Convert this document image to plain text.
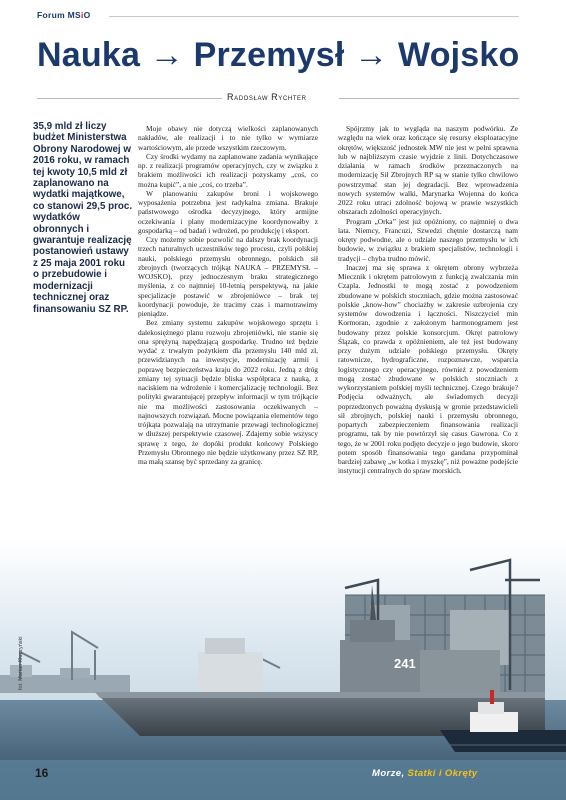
Forum MSiO
Nauka → Przemysł → Wojsko
Radosław Rychter
35,9 mld zł liczy budżet Ministerstwa Obrony Narodowej w 2016 roku, w ramach tej kwoty 10,5 mld zł zaplanowano na wydatki majątkowe, co stanowi 29,5 proc. wydatków obronnych i gwarantuje realizację postanowień ustawy z 25 maja 2001 roku o przebudowie i modernizacji technicznej oraz finansowaniu SZ RP.

Moje obawy nie dotyczą wielkości zaplanowanych nakładów, ale realizacji i to nie tylko w wymiarze wartościowym, ale przede wszystkim rzeczowym.

Czy środki wydamy na zaplanowane zadania wynikające np. z realizacji programów operacyjnych, czy w związku z brakiem możliwości ich realizacji pozyskamy „coś, co można kupić”, a nie „coś, co trzeba”.

W planowaniu zakupów broni i wojskowego wyposażenia potrzebna jest radykalna zmiana. Brakuje państwowego ośrodka decyzyjnego, który armijne oczekiwania i plany modernizacyjne koordynowałby z gospodarką – od badań i wdrożeń, po produkcję i eksport.

Czy możemy sobie pozwolić na dalszy brak koordynacji trzech naturalnych uczestników tego procesu, czyli polskiej nauki, polskiego przemysłu obronnego, polskich sił zbrojnych (tworzących trójkąt NAUKA – PRZEMYSŁ – WOJSKO), przy jednoczesnym braku strategicznego myślenia, z co najmniej 10-letnią perspektywą, na jakie specjalizacje postawić w zbrojeniówce – brak tej koordynacji powoduje, że tracimy czas i marnotrawimy pieniądze.

Bez zmiany systemu zakupów wojskowego sprzętu i dalekosiężnego planu rozwoju zbrojeniówki, nie stanie się ona sprężyną napędzającą gospodarkę. Trudno też będzie wydać z trwałym pożytkiem dla przemysłu 140 mld zł, przewidzianych na inwestycje, modernizację armii i poprawę bezpieczeństwa kraju do 2022 roku. Jedną z dróg zmiany tej sytuacji będzie bliska współpraca z nauką, z naciskiem na wdrożenie i komercjalizację technologii. Bez polityki gwarantującej przepływ informacji w tym trójkącie nie ma możliwości zastosowania oczekiwanych – najnowszych rozwiązań. Mocne powiązania elementów tego trójkąta pozwalają na utrzymanie przewagi technologicznej w dłuższej perspektywie czasowej. Zdajemy sobie wszyscy sprawę z tego, że dopóki produkt końcowy Polskiego Przemysłu Obronnego nie będzie użytkowany przez SZ RP, ma małą szansę być sprzedany za granicę.

Spójrzmy jak to wygląda na naszym podwórku. Ze względu na wiek oraz kończące się resursy eksploatacyjne okrętów, większość jednostek MW nie jest w pełni sprawna lub w najbliższym czasie wyjdzie z linii. Dotychczasowe działania w ramach środków przeznaczonych na modernizację Sił Zbrojnych RP są w stanie tylko chwilowo powstrzymać stan jej degradacji. Bez wprowadzenia nowych systemów walki, Marynarka Wojenna do końca 2022 roku utraci zdolność bojową w prawie wszystkich obszarach zdolności operacyjnych.

Program „Orka” jest już opóźniony, co najmniej o dwa lata. Niemcy, Francuzi, Szwedzi chętnie dostarczą nam okręty podwodne, ale o udziale naszego przemysłu w ich budowie, w związku z brakiem specjalistów, technologii i tradycji – chyba trudno mówić.

Inaczej ma się sprawa z okrętem obrony wybrzeża Miecznik i okrętem patrolowym z funkcją zwalczania min Czapla. Jednostki te mogą zostać z powodzeniem zbudowane w polskich stoczniach, gdzie można zastosować polskie „know-how” chociażby w zakresie uzbrojenia czy systemów dowodzenia i łączności. Niszczyciel min Kormoran, zgodnie z założonym harmonogramem jest budowany przez polskie konsorcjum. Okręt patrolowy Ślązak, co prawda z opóźnieniem, ale też jest budowany przy dużym udziale polskiego przemysłu. Okręty ratownicze, hydrograficzne, rozpoznawcze, wsparcia logistycznego czy operacyjnego, również z powodzeniem mogą zostać zbudowane w polskich stoczniach z wykorzystaniem polskiej myśli technicznej. Czego brakuje? Podjęcia odważnych, ale świadomych decyzji poprzedzonych poważną dyskusją w gronie przedstawicieli sił zbrojnych, polskiej nauki i przemysłu obronnego, popartych zabezpieczeniem finansowania realizacji programu, tak by nie powtórzył się casus Gawrona. Co z tego, że w 2001 roku podjęto decyzje o jego budowie, skoro potem sposób finansowania tego gandana przypominał bardziej zabawę „w kotka i myszkę”, niż poważne podejście instytucji centralnych do spraw morskich.

241
fot. Marian Kluczyński
16	Morze, Statki i Okręty
